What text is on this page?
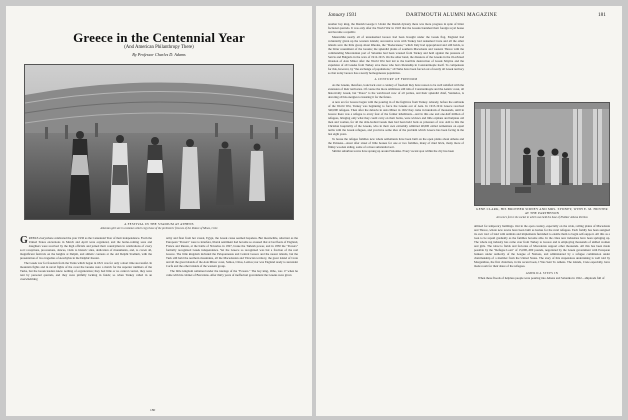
Greece in the Centennial Year
(And American Philanthropy There)
By Professor Charles D. Adams
A FESTIVAL IN THE STADIUM AT ATHENS
Athenian girls are in costumes which copy those of the prehistoric frescoes of the Palace of Minos, Crete

GREEKS everywhere celebrated the year 1930 as the Centennial Year of their independence. From the United States excursions in March and April were organized, and the home-coming sons and daughters were received by the high officials and joined their countrymen in celebrations of every sort: receptions, processions, dances, visits to historic sites, dedication of monuments, and, to crown all, magnificent festivals on the heights at Delphi, and athletic contests at the old Delphi Stadium, with the presentation of two tragedies of Aeschylus in the Delphic theater.

The Greek war for freedom from the Turks which began in 1821 was for only a short time successful. In mountain fights and in naval fights of the coast the Greeks were a match for the superior numbers of the Turks, but the Greek leaders knew nothing of organization; they had little or no central control, they were rent by personal quarrels, and they were pitifully lacking in funds; so when Turkey called in an overwhelming

army and fleet from her vassal, Egypt, the Greek cause seemed hopeless. But meanwhile, reluctant as the European "Powers" were to interfere, liberal sentiment had become so aroused that at last fleets of England, France and Russia, at the battle of Navarino in 1827, broke the Turkish power, and in 1830 the "Powers" formally recognized Greek independence. Yet the Greece so recognized was but a fraction of the real Greece. The little kingdom included the Peloponnesus and Central Greece and the nearer islands, but the Turk still held the northern mountains, all the Macedonian and Thracian territory, the great island of Crete and all the great islands of the Asia Minor coast, Samos, Chios, Lesbos; nor was England ready to surrender Corfu and the other islands of the western group.

The little kingdom remained under the tutelage of the "Powers." The boy king, Otho, was 17 when he came with his cabinet of Bavarians. After thirty years of ineffectual government the Greeks were given

180
January 1931	DARTMOUTH ALUMNI MAGAZINE	181

another boy king, the Danish George I. Under the Danish dynasty there was more progress in spite of bitter factional quarrels. It was only after the World War in 1918 that the Greeks banished their foreign royal house and became a republic.

Meanwhile nearly all of unredeemed Greece had been brought under the Greek flag. England had voluntarily given up the western islands; successive wars with Turkey had redeemed Crete and all the other islands save the little group about Rhodes, the "Dodecanese," which Italy had appropriated and still holds, to the bitter resentment of the Greeks; the splendid plains of southern Macedonia and western Thrace with the commanding Macedonian port of Salonika had been wrested from Turkey and held against the pressure of Servia and Bulgaria in the wars of 1912-1913. On the other hand, the disasters of the Greeks in the ill-advised invasion of Asia Minor after the World War had led to the horrible destruction of Greek Smyrna and the expulsion of all Greeks from Turkey save those who had citizenship in Constantinople itself. To compensate for this, however, by "the exchange of populations," all Turks have been forced out of nearly all Greek territory so that today Greece has a nearly homogeneous population.

A CENTURY OF FREEDOM

As the Greeks, therefore, look back over a century of freedom they have reason to be well satisfied with the extension of their territories. Of course the more ambitious still talk of Constantinople and the Asiatic coast, all historically Greek, but "Peace" is the watchword now of all parties, and their splendid chief, Venizelos, is devoting all his energies to insuring it for the future.

A new era for Greece began with the pouring in of the fugitives from Turkey. Already, before the outbreak of the World War, Turkey was beginning to force the Greeks out of Asia. In 1913-1914 Greece received 340,000 refugees. Then after the debacle in Asia Minor in 1922 they came in hundreds of thousands, until in Greece there was a refugee to every four of the former inhabitants—and in this one and one-half million of refugees, bringing only what they could carry on their backs, were widows and little orphans and helpless old men and women, for all the able-bodied Greek men had been held back as prisoners of war. Add to this the Christian hospitality of the Greeks, who in their own extremity admitted 40,000 exiled Armenians on equal terms with the Greek refugees, and you have some idea of the problem which Greece has been facing in the last eight years.

To house the refugee families new whole settlements have been built on the open plains about Athens and the Peiraeus—street after street of little houses for one or two families, many of mud brick, many more of flimsy wooden siding, some of a more substantial sort.

Similar suburban towns have sprung up around Salonika. Every vacant spot within the city has been

GENE CLARK, HIS BROTHER SIDNEY AND MRS. SYDNEY, WITH E. M. HUNTER AT THE PARTHENON
At Gene's feet is the socket in which was held the base of Phidias' Athena Parthos

utilized for temporary buildings. Out in the open country, especially on the wide, rolling plains of Macedonia and Thrace, whole new towns have been built as homes for the rural refugees. Each family has been assigned its own tract of land with animals and implements furnished to enable them to begin self-support. All this as a loan to be repaid gradually as the families become able. In the cities new industries have been springing up. The whole rug industry has come over from Turkey to Greece and is employing thousands of skilled women and girls. The tobacco fields and factories of Macedonia support other thousands. All this has been made possible by the "Refugee Loan" of 15,000,-000 pounds, negotiated by the Greek government with European bankers under authority of the League of Nations, and administered by a refugee commission under chairmanship of a member from the United States. The story of this stupendous undertaking is well told by Morgenthau, the first chairman, in his recent book, I Was Sent To Athens. The islands, Crete especially, have made room for their share of the refugees.

AMERICA STEPS IN

When these floods of helpless people were pouring into Athens and Salonika in 1922—shiploads full of
